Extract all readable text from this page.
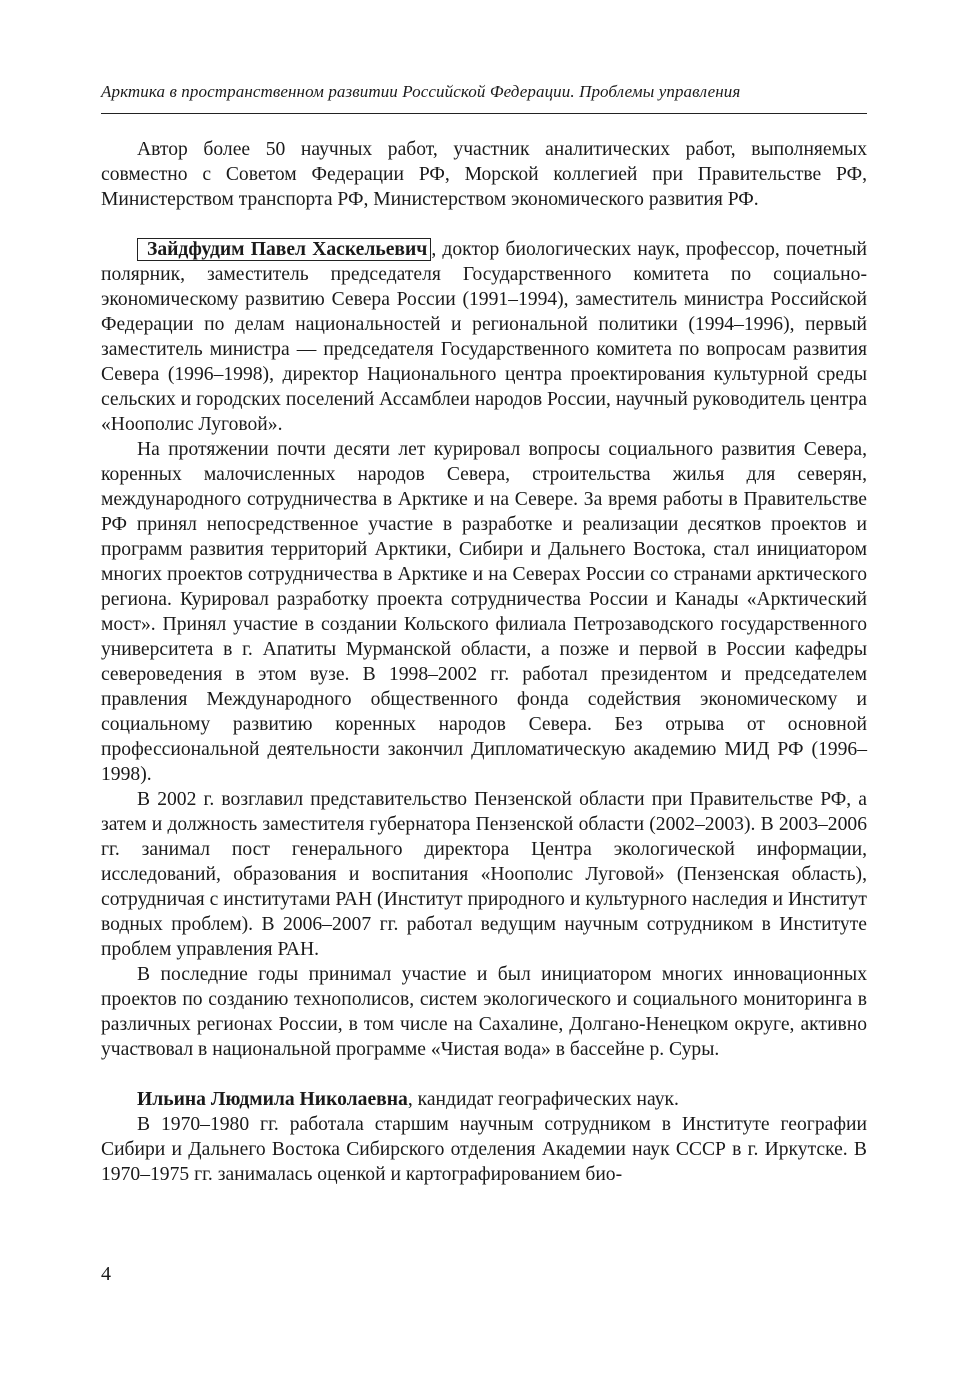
Арктика в пространственном развитии Российской Федерации. Проблемы управления

Автор более 50 научных работ, участник аналитических работ, выполняемых совместно с Советом Федерации РФ, Морской коллегией при Правительстве РФ, Министерством транспорта РФ, Министерством экономического развития РФ.

Зайдфудим Павел Хаскельевич , доктор биологических наук, профессор, почетный полярник, заместитель председателя Государственного комитета по социально-экономическому развитию Севера России (1991–1994), заместитель министра Российской Федерации по делам национальностей и региональной политики (1994–1996), первый заместитель министра — председателя Государственного комитета по вопросам развития Севера (1996–1998), директор Национального центра проектирования культурной среды сельских и городских поселений Ассамблеи народов России, научный руководитель центра «Ноополис Луговой».

На протяжении почти десяти лет курировал вопросы социального развития Севера, коренных малочисленных народов Севера, строительства жилья для северян, международного сотрудничества в Арктике и на Севере. За время работы в Правительстве РФ принял непосредственное участие в разработке и реализации десятков проектов и программ развития территорий Арктики, Сибири и Дальнего Востока, стал инициатором многих проектов сотрудничества в Арктике и на Северах России со странами арктического региона. Курировал разработку проекта сотрудничества России и Канады «Арктический мост». Принял участие в создании Кольского филиала Петрозаводского государственного университета в г. Апатиты Мурманской области, а позже и первой в России кафедры североведения в этом вузе. В 1998–2002 гг. работал президентом и председателем правления Международного общественного фонда содействия экономическому и социальному развитию коренных народов Севера. Без отрыва от основной профессиональной деятельности закончил Дипломатическую академию МИД РФ (1996–1998).

В 2002 г. возглавил представительство Пензенской области при Правительстве РФ, а затем и должность заместителя губернатора Пензенской области (2002–2003). В 2003–2006 гг. занимал пост генерального директора Центра экологической информации, исследований, образования и воспитания «Ноополис Луговой» (Пензенская область), сотрудничая с институтами РАН (Институт природного и культурного наследия и Институт водных проблем). В 2006–2007 гг. работал ведущим научным сотрудником в Институте проблем управления РАН.

В последние годы принимал участие и был инициатором многих инновационных проектов по созданию технополисов, систем экологического и социального мониторинга в различных регионах России, в том числе на Сахалине, Долгано-Ненецком округе, активно участвовал в национальной программе «Чистая вода» в бассейне р. Суры.

Ильина Людмила Николаевна, кандидат географических наук.

В 1970–1980 гг. работала старшим научным сотрудником в Институте географии Сибири и Дальнего Востока Сибирского отделения Академии наук СССР в г. Иркутске. В 1970–1975 гг. занималась оценкой и картографированием био-

4
